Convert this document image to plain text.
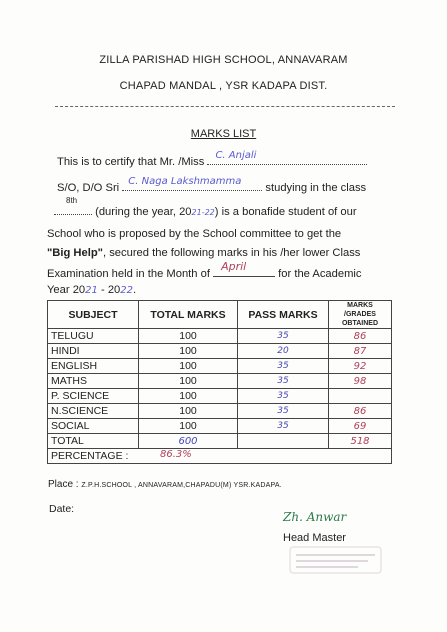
ZILLA PARISHAD HIGH SCHOOL, ANNAVARAM
CHAPAD MANDAL , YSR KADAPA DIST.
MARKS LIST
This is to certify that Mr. /Miss
C. Anjali
S/O, D/O Sri
C. Naga Lakshmamma
studying in the class
8th
(during the year, 2021-22) is a bonafide student of our
School who is proposed by the School committee to get the
"Big Help", secured the following marks in his /her lower Class
Examination held in the Month of
April
for the Academic
Year 2021 - 2022.
SUBJECT	TOTAL MARKS	PASS MARKS	MARKS /GRADES OBTAINED
TELUGU	100	35	86
HINDI	100	20	87
ENGLISH	100	35	92
MATHS	100	35	98
P. SCIENCE	100	35	
N.SCIENCE	100	35	86
SOCIAL	100	35	69
TOTAL	600		518
PERCENTAGE : 86.3%			
Place : Z.P.H.SCHOOL , ANNAVARAM,CHAPADU(M) YSR.KADAPA.
Date:
Zh. Anwar
Head Master
